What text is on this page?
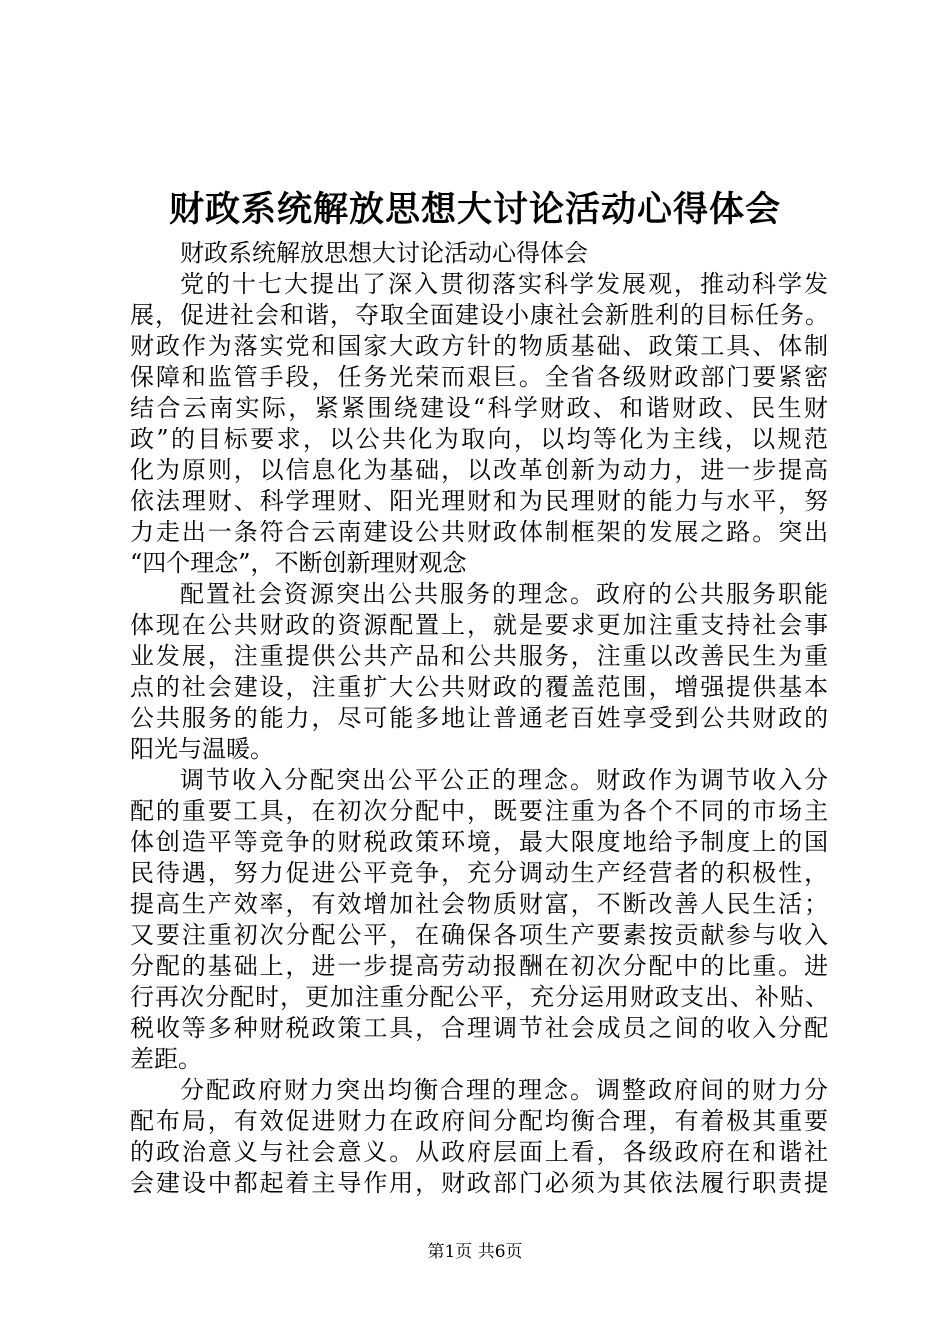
财政系统解放思想大讨论活动心得体会
财政系统解放思想大讨论活动心得体会
党的十七大提出了深入贯彻落实科学发展观，推动科学发
展，促进社会和谐，夺取全面建设小康社会新胜利的目标任务。
财政作为落实党和国家大政方针的物质基础、政策工具、体制
保障和监管手段，任务光荣而艰巨。全省各级财政部门要紧密
结合云南实际，紧紧围绕建设“科学财政、和谐财政、民生财
政”的目标要求，以公共化为取向，以均等化为主线，以规范
化为原则，以信息化为基础，以改革创新为动力，进一步提高
依法理财、科学理财、阳光理财和为民理财的能力与水平，努
力走出一条符合云南建设公共财政体制框架的发展之路。突出
“四个理念”，不断创新理财观念
配置社会资源突出公共服务的理念。政府的公共服务职能
体现在公共财政的资源配置上，就是要求更加注重支持社会事
业发展，注重提供公共产品和公共服务，注重以改善民生为重
点的社会建设，注重扩大公共财政的覆盖范围，增强提供基本
公共服务的能力，尽可能多地让普通老百姓享受到公共财政的
阳光与温暖。
调节收入分配突出公平公正的理念。财政作为调节收入分
配的重要工具，在初次分配中，既要注重为各个不同的市场主
体创造平等竞争的财税政策环境，最大限度地给予制度上的国
民待遇，努力促进公平竞争，充分调动生产经营者的积极性，
提高生产效率，有效增加社会物质财富，不断改善人民生活；
又要注重初次分配公平，在确保各项生产要素按贡献参与收入
分配的基础上，进一步提高劳动报酬在初次分配中的比重。进
行再次分配时，更加注重分配公平，充分运用财政支出、补贴、
税收等多种财税政策工具，合理调节社会成员之间的收入分配
差距。
分配政府财力突出均衡合理的理念。调整政府间的财力分
配布局，有效促进财力在政府间分配均衡合理，有着极其重要
的政治意义与社会意义。从政府层面上看，各级政府在和谐社
会建设中都起着主导作用，财政部门必须为其依法履行职责提
第1页 共6页
